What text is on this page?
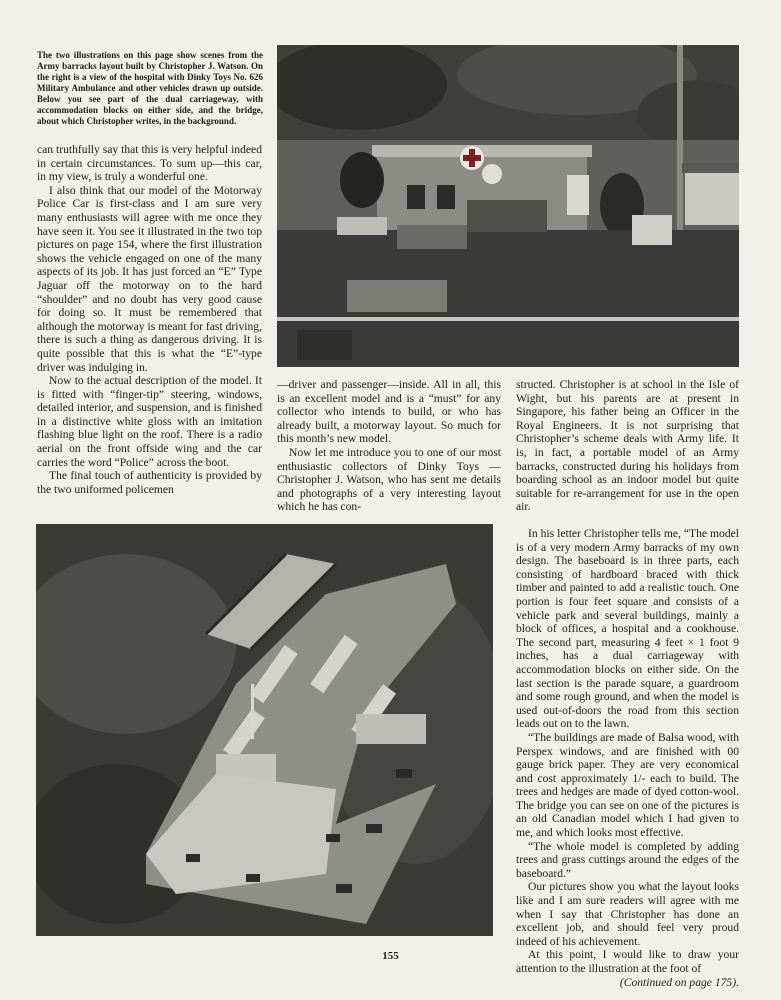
The two illustrations on this page show scenes from the Army barracks layout built by Christopher J. Watson. On the right is a view of the hospital with Dinky Toys No. 626 Military Ambulance and other vehicles drawn up outside. Below you see part of the dual carriageway, with accommodation blocks on either side, and the bridge, about which Christopher writes, in the background.

can truthfully say that this is very helpful indeed in certain circumstances. To sum up—this car, in my view, is truly a wonderful one.

I also think that our model of the Motorway Police Car is first-class and I am sure very many enthusiasts will agree with me once they have seen it. You see it illustrated in the two top pictures on page 154, where the first illustration shows the vehicle engaged on one of the many aspects of its job. It has just forced an “E” Type Jaguar off the motorway on to the hard “shoulder” and no doubt has very good cause for doing so. It must be remembered that although the motorway is meant for fast driving, there is such a thing as dangerous driving. It is quite possible that this is what the “E”-type driver was indulging in.

Now to the actual description of the model. It is fitted with “finger-tip” steering, windows, detailed interior, and suspension, and is finished in a distinctive white gloss with an imitation flashing blue light on the roof. There is a radio aerial on the front offside wing and the car carries the word “Police” across the boot.

The final touch of authenticity is provided by the two uniformed policemen

—driver and passenger—inside. All in all, this is an excellent model and is a “must” for any collector who intends to build, or who has already built, a motorway layout. So much for this month’s new model.

Now let me introduce you to one of our most enthusiastic collectors of Dinky Toys —Christopher J. Watson, who has sent me details and photographs of a very interesting layout which he has con-

structed. Christopher is at school in the Isle of Wight, but his parents are at present in Singapore, his father being an Officer in the Royal Engineers. It is not surprising that Christopher’s scheme deals with Army life. It is, in fact, a portable model of an Army barracks, constructed during his holidays from boarding school as an indoor model but quite suitable for re-arrangement for use in the open air.

In his letter Christopher tells me, “The model is of a very modern Army barracks of my own design. The baseboard is in three parts, each consisting of hardboard braced with thick timber and painted to add a realistic touch. One portion is four feet square and consists of a vehicle park and several buildings, mainly a block of offices, a hospital and a cookhouse. The second part, measuring 4 feet × 1 foot 9 inches, has a dual carriageway with accommodation blocks on either side. On the last section is the parade square, a guardroom and some rough ground, and when the model is used out-of-doors the road from this section leads out on to the lawn.

“The buildings are made of Balsa wood, with Perspex windows, and are finished with 00 gauge brick paper. They are very economical and cost approximately 1/- each to build. The trees and hedges are made of dyed cotton-wool. The bridge you can see on one of the pictures is an old Canadian model which I had given to me, and which looks most effective.

“The whole model is completed by adding trees and grass cuttings around the edges of the baseboard.”

Our pictures show you what the layout looks like and I am sure readers will agree with me when I say that Christopher has done an excellent job, and should feel very proud indeed of his achievement.

At this point, I would like to draw your attention to the illustration at the foot of

(Continued on page 175).
155
